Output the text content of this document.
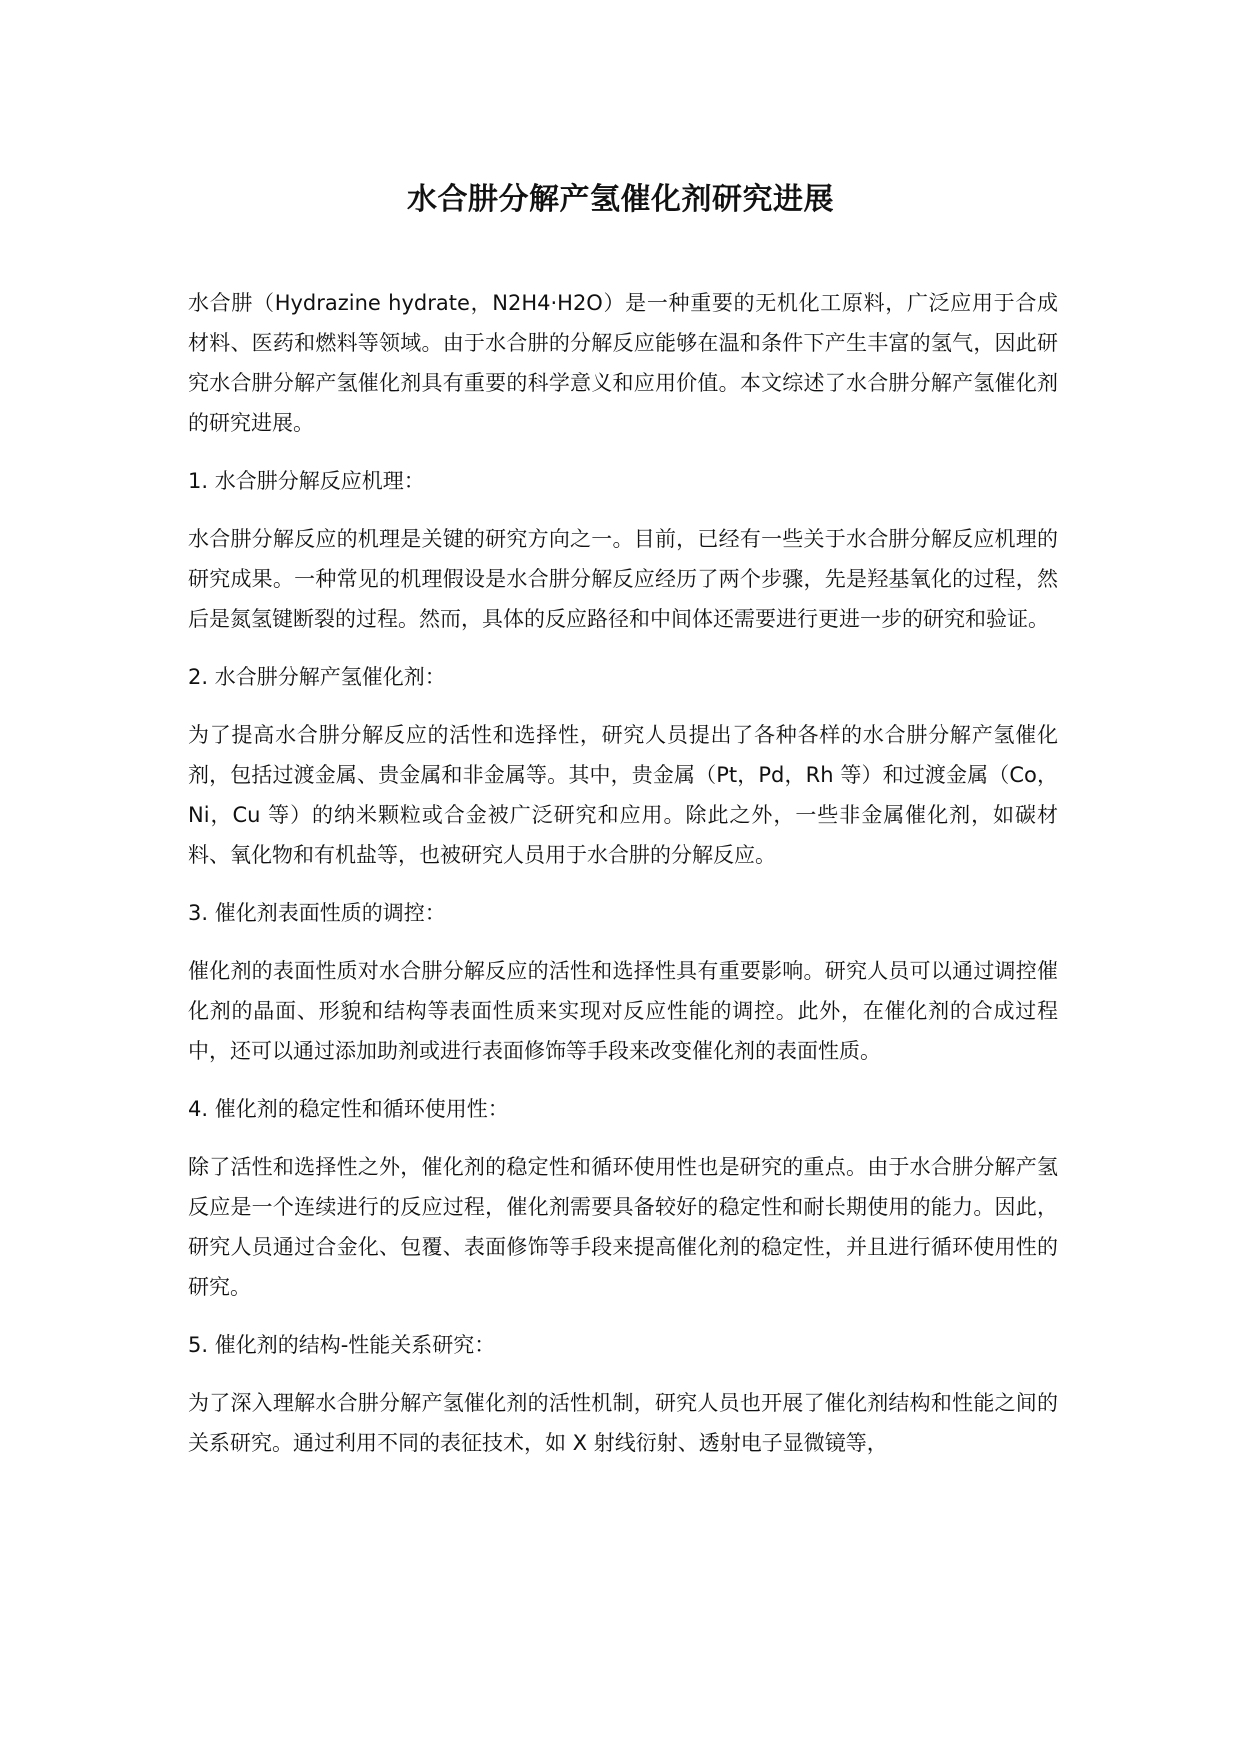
水合肼分解产氢催化剂研究进展

水合肼（Hydrazine hydrate，N2H4·H2O）是一种重要的无机化工原料，广泛应用于合成材料、医药和燃料等领域。由于水合肼的分解反应能够在温和条件下产生丰富的氢气，因此研究水合肼分解产氢催化剂具有重要的科学意义和应用价值。本文综述了水合肼分解产氢催化剂的研究进展。

1. 水合肼分解反应机理：

水合肼分解反应的机理是关键的研究方向之一。目前，已经有一些关于水合肼分解反应机理的研究成果。一种常见的机理假设是水合肼分解反应经历了两个步骤，先是羟基氧化的过程，然后是氮氢键断裂的过程。然而，具体的反应路径和中间体还需要进行更进一步的研究和验证。

2. 水合肼分解产氢催化剂：

为了提高水合肼分解反应的活性和选择性，研究人员提出了各种各样的水合肼分解产氢催化剂，包括过渡金属、贵金属和非金属等。其中，贵金属（Pt，Pd，Rh 等）和过渡金属（Co，Ni，Cu 等）的纳米颗粒或合金被广泛研究和应用。除此之外，一些非金属催化剂，如碳材料、氧化物和有机盐等，也被研究人员用于水合肼的分解反应。

3. 催化剂表面性质的调控：

催化剂的表面性质对水合肼分解反应的活性和选择性具有重要影响。研究人员可以通过调控催化剂的晶面、形貌和结构等表面性质来实现对反应性能的调控。此外，在催化剂的合成过程中，还可以通过添加助剂或进行表面修饰等手段来改变催化剂的表面性质。

4. 催化剂的稳定性和循环使用性：

除了活性和选择性之外，催化剂的稳定性和循环使用性也是研究的重点。由于水合肼分解产氢反应是一个连续进行的反应过程，催化剂需要具备较好的稳定性和耐长期使用的能力。因此，研究人员通过合金化、包覆、表面修饰等手段来提高催化剂的稳定性，并且进行循环使用性的研究。

5. 催化剂的结构-性能关系研究：

为了深入理解水合肼分解产氢催化剂的活性机制，研究人员也开展了催化剂结构和性能之间的关系研究。通过利用不同的表征技术，如 X 射线衍射、透射电子显微镜等，
